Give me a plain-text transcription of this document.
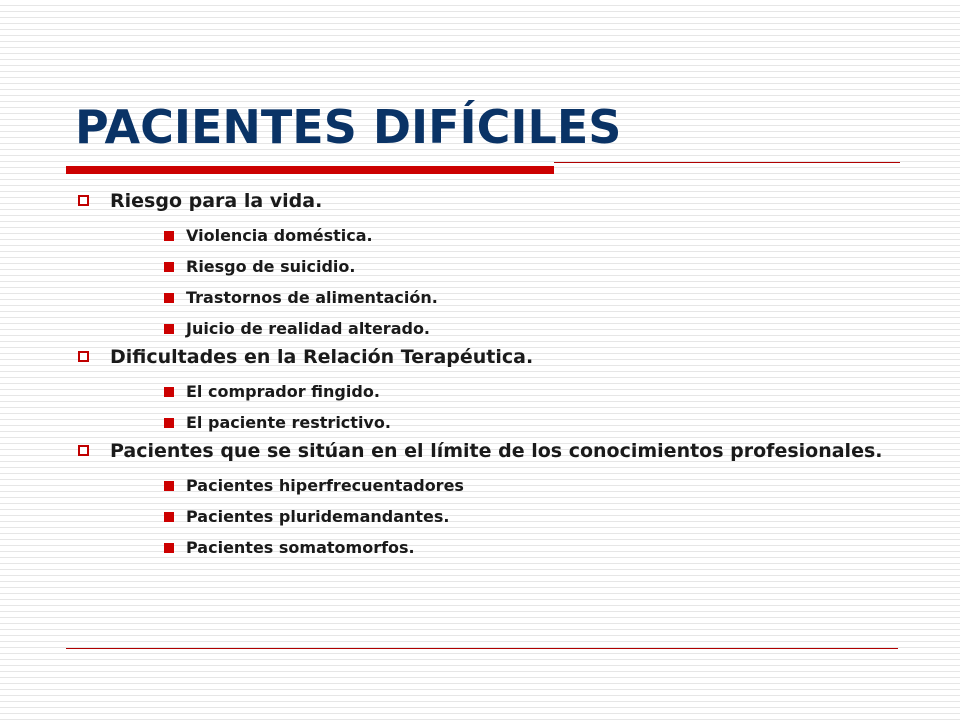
PACIENTES DIFÍCILES
Riesgo para la vida.
Violencia doméstica.
Riesgo de suicidio.
Trastornos de alimentación.
Juicio de realidad alterado.
Dificultades en la Relación Terapéutica.
El comprador fingido.
El paciente restrictivo.
Pacientes que se sitúan en el límite de los conocimientos profesionales.
Pacientes hiperfrecuentadores
Pacientes pluridemandantes.
Pacientes somatomorfos.
